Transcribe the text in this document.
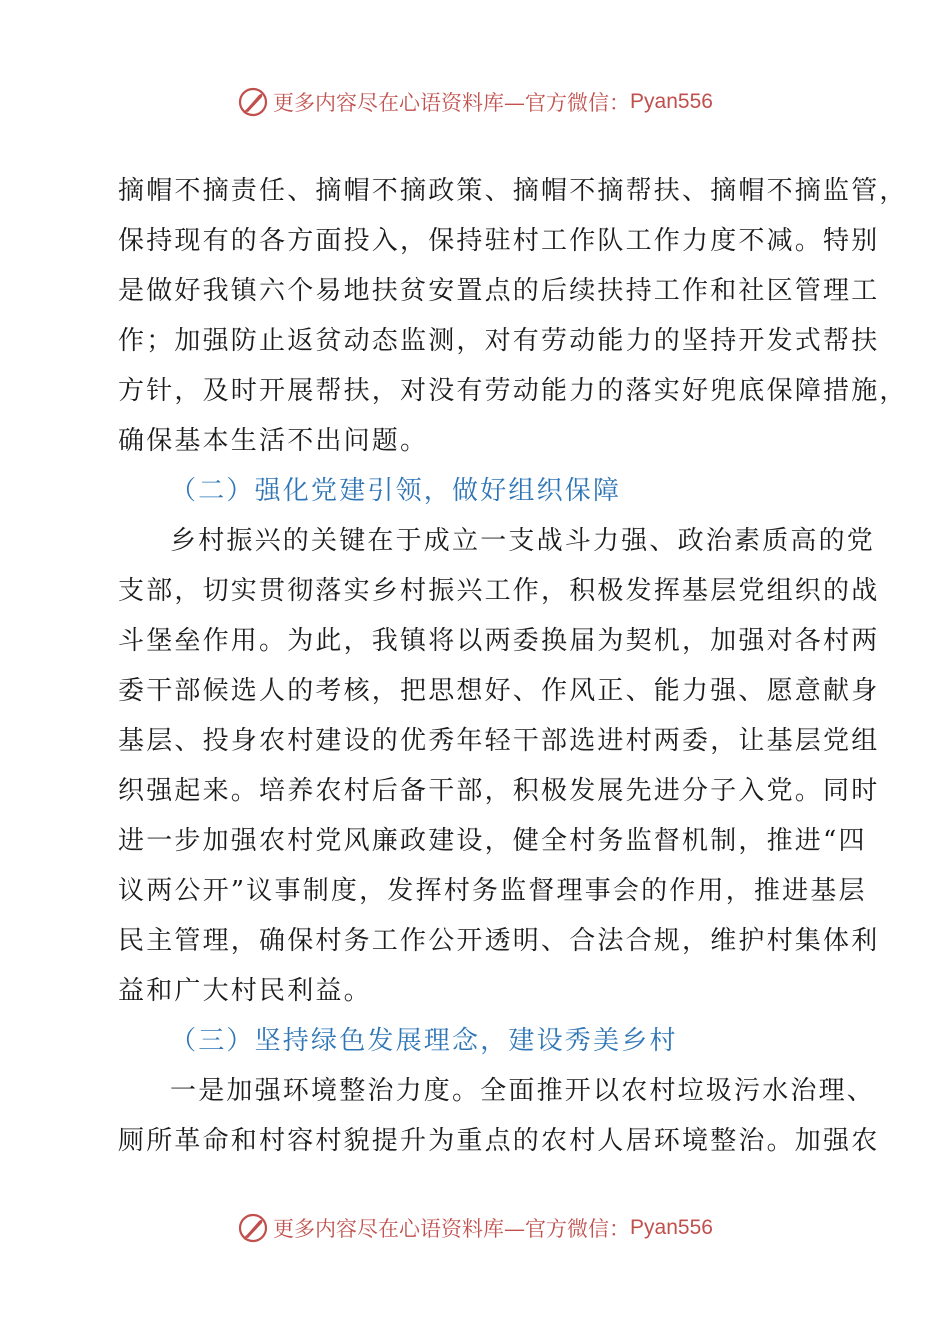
更多内容尽在心语资料库— 官方微信： Pyan556
摘帽不摘责任、摘帽不摘政策、摘帽不摘帮扶、摘帽不摘监管，
保持现有的各方面投入，保持驻村工作队工作力度不减。特别
是做好我镇六个易地扶贫安置点的后续扶持工作和社区管理工
作；加强防止返贫动态监测，对有劳动能力的坚持开发式帮扶
方针，及时开展帮扶，对没有劳动能力的落实好兜底保障措施，
确保基本生活不出问题。
（二）强化党建引领，做好组织保障
乡村振兴的关键在于成立一支战斗力强、政治素质高的党
支部，切实贯彻落实乡村振兴工作，积极发挥基层党组织的战
斗堡垒作用。为此，我镇将以两委换届为契机，加强对各村两
委干部候选人的考核，把思想好、作风正、能力强、愿意献身
基层、投身农村建设的优秀年轻干部选进村两委，让基层党组
织强起来。培养农村后备干部，积极发展先进分子入党。同时
进一步加强农村党风廉政建设，健全村务监督机制，推进“四
议两公开”议事制度，发挥村务监督理事会的作用，推进基层
民主管理，确保村务工作公开透明、合法合规，维护村集体利
益和广大村民利益。
（三）坚持绿色发展理念，建设秀美乡村
一是加强环境整治力度。全面推开以农村垃圾污水治理、
厕所革命和村容村貌提升为重点的农村人居环境整治。加强农
更多内容尽在心语资料库— 官方微信： Pyan556
